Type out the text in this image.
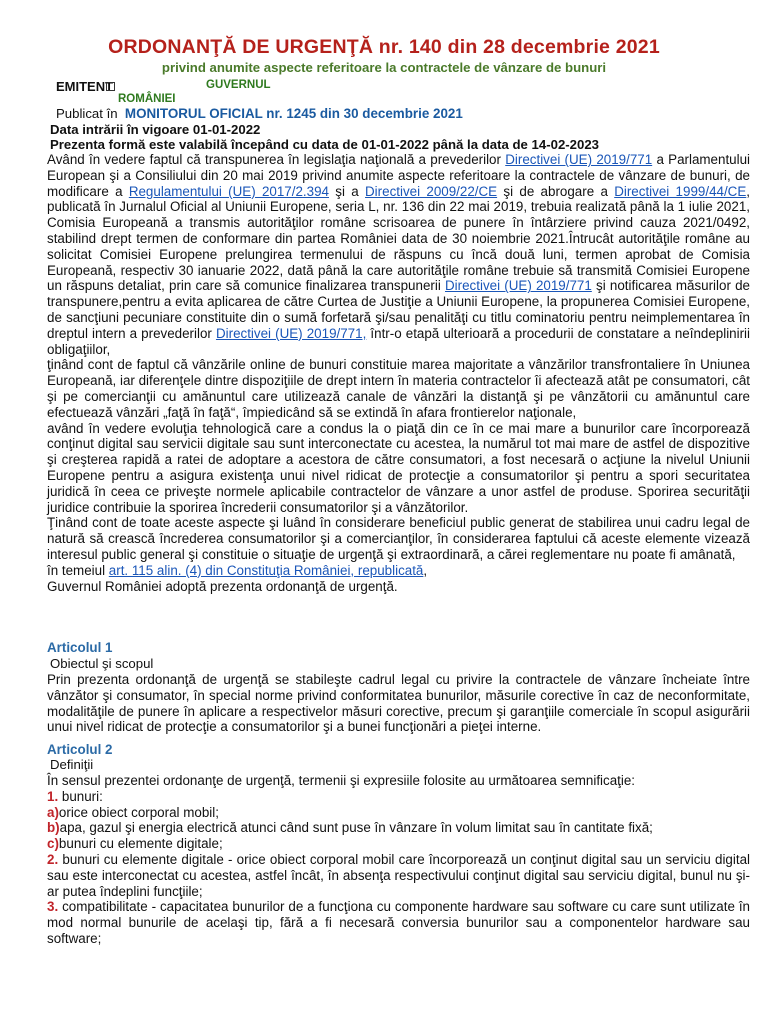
ORDONANŢĂ DE URGENŢĂ nr. 140 din 28 decembrie 2021
privind anumite aspecte referitoare la contractele de vânzare de bunuri
EMITENT	GUVERNUL
ROMÂNIEI
Publicat în MONITORUL OFICIAL nr. 1245 din 30 decembrie 2021
Data intrării în vigoare 01-01-2022
Prezenta formă este valabilă începând cu data de 01-01-2022 până la data de 14-02-2023

Având în vedere faptul că transpunerea în legislaţia naţională a prevederilor Directivei (UE) 2019/771 a Parlamentului European şi a Consiliului din 20 mai 2019 privind anumite aspecte referitoare la contractele de vânzare de bunuri, de modificare a Regulamentului (UE) 2017/2.394 şi a Directivei 2009/22/CE şi de abrogare a Directivei 1999/44/CE, publicată în Jurnalul Oficial al Uniunii Europene, seria L, nr. 136 din 22 mai 2019, trebuia realizată până la 1 iulie 2021, Comisia Europeană a transmis autorităţilor române scrisoarea de punere în întârziere privind cauza 2021/0492, stabilind drept termen de conformare din partea României data de 30 noiembrie 2021.Întrucât autorităţile române au solicitat Comisiei Europene prelungirea termenului de răspuns cu încă două luni, termen aprobat de Comisia Europeană, respectiv 30 ianuarie 2022, dată până la care autorităţile române trebuie să transmită Comisiei Europene un răspuns detaliat, prin care să comunice finalizarea transpunerii Directivei (UE) 2019/771 şi notificarea măsurilor de transpunere,pentru a evita aplicarea de către Curtea de Justiţie a Uniunii Europene, la propunerea Comisiei Europene, de sancţiuni pecuniare constituite din o sumă forfetară şi/sau penalităţi cu titlu cominatoriu pentru neimplementarea în dreptul intern a prevederilor Directivei (UE) 2019/771, într-o etapă ulterioară a procedurii de constatare a neîndeplinirii obligaţiilor,

ţinând cont de faptul că vânzările online de bunuri constituie marea majoritate a vânzărilor transfrontaliere în Uniunea Europeană, iar diferenţele dintre dispoziţiile de drept intern în materia contractelor îi afectează atât pe consumatori, cât şi pe comercianţii cu amănuntul care utilizează canale de vânzări la distanţă şi pe vânzătorii cu amănuntul care efectuează vânzări „faţă în faţă“, împiedicând să se extindă în afara frontierelor naţionale,

având în vedere evoluţia tehnologică care a condus la o piaţă din ce în ce mai mare a bunurilor care încorporează conţinut digital sau servicii digitale sau sunt interconectate cu acestea, la numărul tot mai mare de astfel de dispozitive şi creşterea rapidă a ratei de adoptare a acestora de către consumatori, a fost necesară o acţiune la nivelul Uniunii Europene pentru a asigura existenţa unui nivel ridicat de protecţie a consumatorilor şi pentru a spori securitatea juridică în ceea ce priveşte normele aplicabile contractelor de vânzare a unor astfel de produse. Sporirea securităţii juridice contribuie la sporirea încrederii consumatorilor şi a vânzătorilor.

Ţinând cont de toate aceste aspecte şi luând în considerare beneficiul public generat de stabilirea unui cadru legal de natură să crească încrederea consumatorilor şi a comercianţilor, în considerarea faptului că aceste elemente vizează interesul public general şi constituie o situaţie de urgenţă şi extraordinară, a cărei reglementare nu poate fi amânată,

în temeiul art. 115 alin. (4) din Constituţia României, republicată,

Guvernul României adoptă prezenta ordonanţă de urgenţă.

Articolul 1
Obiectul şi scopul

Prin prezenta ordonanţă de urgenţă se stabileşte cadrul legal cu privire la contractele de vânzare încheiate între vânzător şi consumator, în special norme privind conformitatea bunurilor, măsurile corective în caz de neconformitate, modalităţile de punere în aplicare a respectivelor măsuri corective, precum şi garanţiile comerciale în scopul asigurării unui nivel ridicat de protecţie a consumatorilor şi a bunei funcţionări a pieţei interne.

Articolul 2
Definiţii

În sensul prezentei ordonanţe de urgenţă, termenii şi expresiile folosite au următoarea semnificaţie:

1. bunuri:

a)orice obiect corporal mobil;

b)apa, gazul şi energia electrică atunci când sunt puse în vânzare în volum limitat sau în cantitate fixă;

c)bunuri cu elemente digitale;

2. bunuri cu elemente digitale - orice obiect corporal mobil care încorporează un conţinut digital sau un serviciu digital sau este interconectat cu acestea, astfel încât, în absenţa respectivului conţinut digital sau serviciu digital, bunul nu şi-ar putea îndeplini funcţiile;

3. compatibilitate - capacitatea bunurilor de a funcţiona cu componente hardware sau software cu care sunt utilizate în mod normal bunurile de acelaşi tip, fără a fi necesară conversia bunurilor sau a componentelor hardware sau software;
